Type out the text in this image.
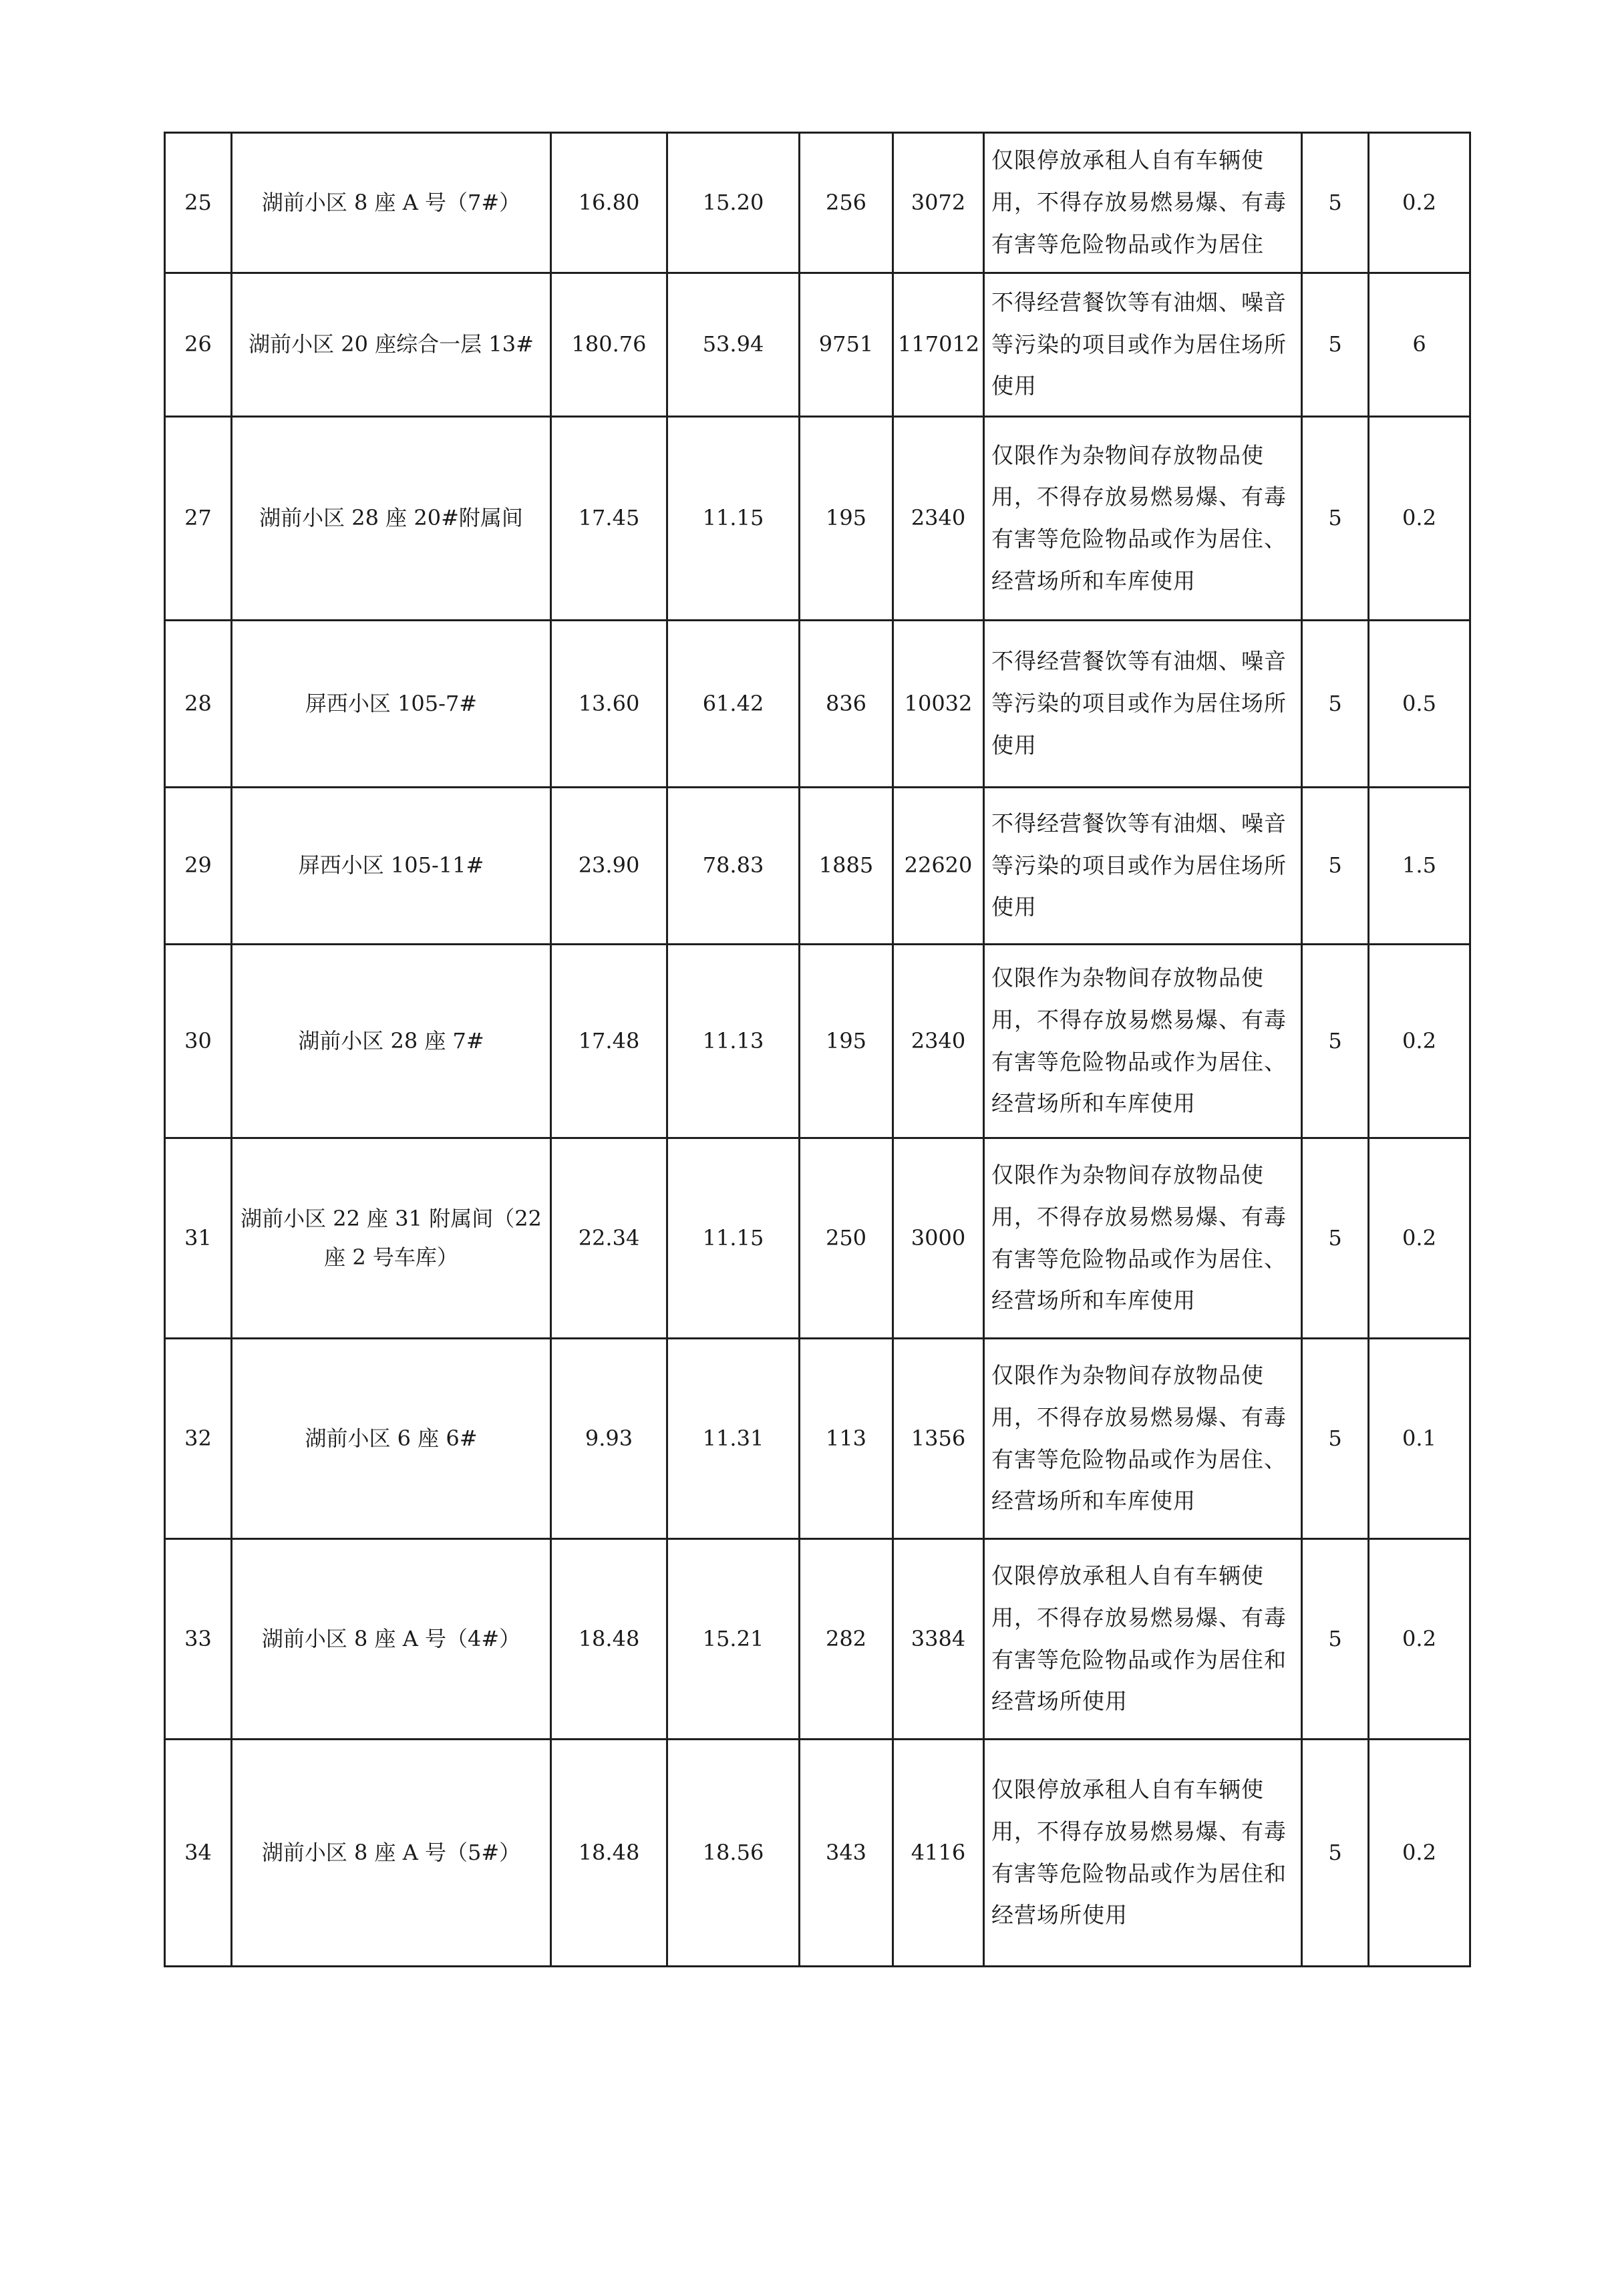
25	湖前小区 8 座 A 号（7#）	16.80	15.20	256	3072	仅限停放承租人自有车辆使用，不得存放易燃易爆、有毒有害等危险物品或作为居住	5	0.2
26	湖前小区 20 座综合一层 13#	180.76	53.94	9751	117012	不得经营餐饮等有油烟、噪音等污染的项目或作为居住场所使用	5	6
27	湖前小区 28 座 20#附属间	17.45	11.15	195	2340	仅限作为杂物间存放物品使用，不得存放易燃易爆、有毒有害等危险物品或作为居住、经营场所和车库使用	5	0.2
28	屏西小区 105-7#	13.60	61.42	836	10032	不得经营餐饮等有油烟、噪音等污染的项目或作为居住场所使用	5	0.5
29	屏西小区 105-11#	23.90	78.83	1885	22620	不得经营餐饮等有油烟、噪音等污染的项目或作为居住场所使用	5	1.5
30	湖前小区 28 座 7#	17.48	11.13	195	2340	仅限作为杂物间存放物品使用，不得存放易燃易爆、有毒有害等危险物品或作为居住、经营场所和车库使用	5	0.2
31	湖前小区 22 座 31 附属间（22 座 2 号车库）	22.34	11.15	250	3000	仅限作为杂物间存放物品使用，不得存放易燃易爆、有毒有害等危险物品或作为居住、经营场所和车库使用	5	0.2
32	湖前小区 6 座 6#	9.93	11.31	113	1356	仅限作为杂物间存放物品使用，不得存放易燃易爆、有毒有害等危险物品或作为居住、经营场所和车库使用	5	0.1
33	湖前小区 8 座 A 号（4#）	18.48	15.21	282	3384	仅限停放承租人自有车辆使用，不得存放易燃易爆、有毒有害等危险物品或作为居住和经营场所使用	5	0.2
34	湖前小区 8 座 A 号（5#）	18.48	18.56	343	4116	仅限停放承租人自有车辆使用，不得存放易燃易爆、有毒有害等危险物品或作为居住和经营场所使用	5	0.2
